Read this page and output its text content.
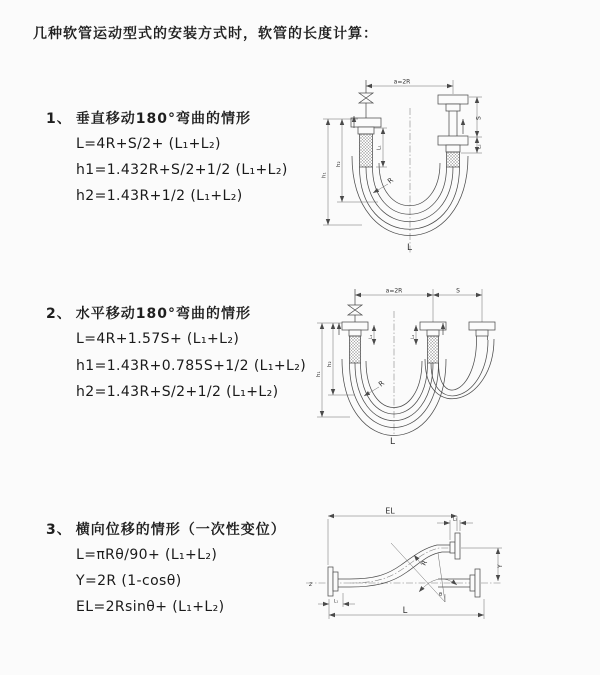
几种软管运动型式的安装方式时，软管的长度计算：
1、 垂直移动180°弯曲的情形
L=4R+S/2+ (L₁+L₂)
h1=1.432R+S/2+1/2 (L₁+L₂)
h2=1.43R+1/2 (L₁+L₂)
2、 水平移动180°弯曲的情形
L=4R+1.57S+ (L₁+L₂)
h1=1.43R+0.785S+1/2 (L₁+L₂)
h2=1.43R+S/2+1/2 (L₁+L₂)
3、 横向位移的情形（一次性变位）
L=πRθ/90+ (L₁+L₂)
Y=2R (1-cosθ)
EL=2Rsinθ+ (L₁+L₂)
a=2R
R
h₁
h₂
L₁
S
L₂
L
a=2R	S
h₁
h₂
L₁	L₂
R
L
z
EL
L₂
Y
θ
R
L
L₁
